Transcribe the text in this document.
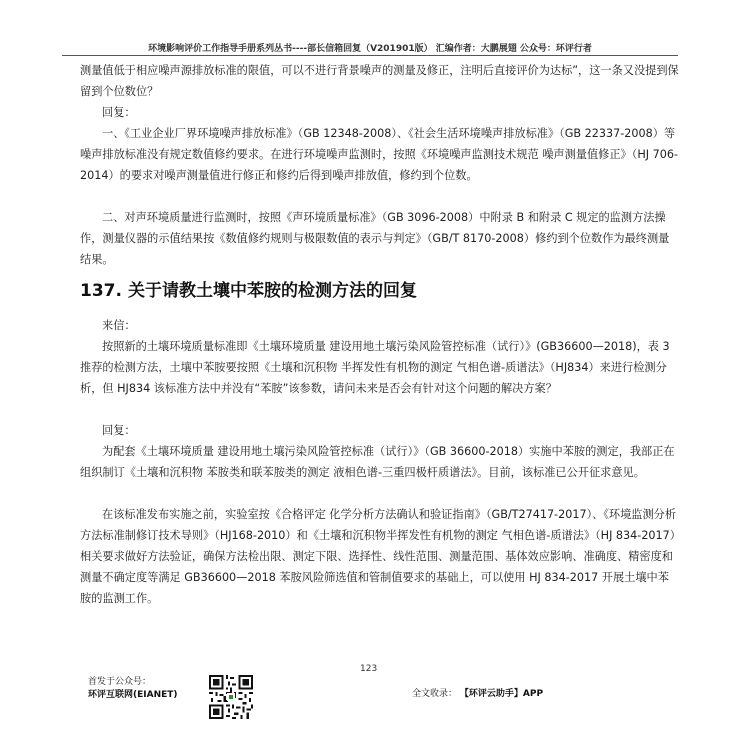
环境影响评价工作指导手册系列丛书----部长信箱回复（V201901版） 汇编作者：大鹏展翅 公众号：环评行者

测量值低于相应噪声源排放标准的限值，可以不进行背景噪声的测量及修正，注明后直接评价为达标”，这一条又没提到保留到个位数位？

回复：

一、《工业企业厂界环境噪声排放标准》（GB 12348-2008）、《社会生活环境噪声排放标准》（GB 22337-2008）等噪声排放标准没有规定数值修约要求。在进行环境噪声监测时，按照《环境噪声监测技术规范 噪声测量值修正》（HJ 706-2014）的要求对噪声测量值进行修正和修约后得到噪声排放值，修约到个位数。

二、对声环境质量进行监测时，按照《声环境质量标准》（GB 3096-2008）中附录 B 和附录 C 规定的监测方法操作，测量仪器的示值结果按《数值修约规则与极限数值的表示与判定》（GB/T 8170-2008）修约到个位数作为最终测量结果。

137. 关于请教土壤中苯胺的检测方法的回复

来信：

按照新的土壤环境质量标准即《土壤环境质量 建设用地土壤污染风险管控标准（试行）》(GB36600—2018)，表 3 推荐的检测方法，土壤中苯胺要按照《土壤和沉积物 半挥发性有机物的测定 气相色谱-质谱法》（HJ834）来进行检测分析，但 HJ834 该标准方法中并没有“苯胺”该参数，请问未来是否会有针对这个问题的解决方案？

回复：

为配套《土壤环境质量 建设用地土壤污染风险管控标准（试行）》（GB 36600-2018）实施中苯胺的测定，我部正在组织制订《土壤和沉积物 苯胺类和联苯胺类的测定 液相色谱-三重四极杆质谱法》。目前，该标准已公开征求意见。

在该标准发布实施之前，实验室按《合格评定 化学分析方法确认和验证指南》（GB/T27417-2017）、《环境监测分析方法标准制修订技术导则》（HJ168-2010）和《土壤和沉积物半挥发性有机物的测定 气相色谱-质谱法》（HJ 834-2017）相关要求做好方法验证，确保方法检出限、测定下限、选择性、线性范围、测量范围、基体效应影响、准确度、精密度和测量不确定度等满足 GB36600—2018 苯胺风险筛选值和管制值要求的基础上，可以使用 HJ 834-2017 开展土壤中苯胺的监测工作。

123
首发于公众号：
环评互联网(EIANET)	全文收录： 【环评云助手】APP
